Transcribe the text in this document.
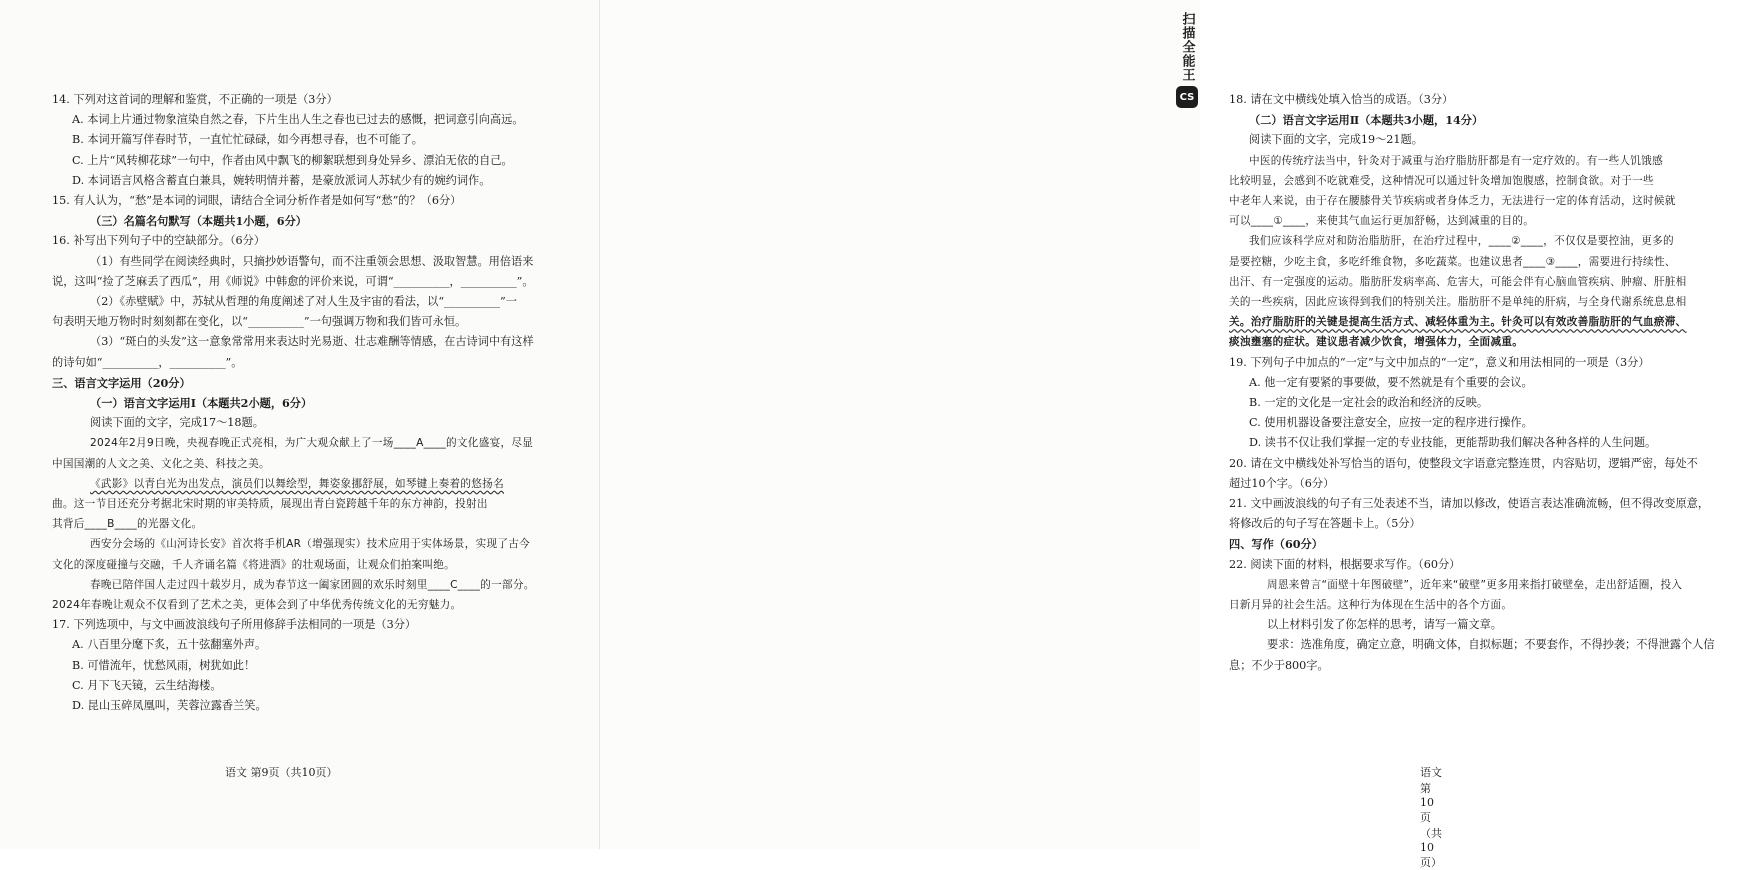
14. 下列对这首词的理解和鉴赏，不正确的一项是（3分）
A. 本词上片通过物象渲染自然之春，下片生出人生之春也已过去的感慨，把词意引向高远。
B. 本词开篇写伴春时节，一直忙忙碌碌，如今再想寻春，也不可能了。
C. 上片“风转柳花球”一句中，作者由风中飘飞的柳絮联想到身处异乡、漂泊无依的自己。
D. 本词语言风格含蓄直白兼具，婉转明情并蓄，是豪放派词人苏轼少有的婉约词作。
15. 有人认为，“愁”是本词的词眼，请结合全词分析作者是如何写“愁”的？（6分）
（三）名篇名句默写（本题共1小题，6分）
16. 补写出下列句子中的空缺部分。（6分）
（1）有些同学在阅读经典时，只摘抄妙语警句，而不注重领会思想、汲取智慧。用倍语来
说，这叫“捡了芝麻丢了西瓜”，用《师说》中韩愈的评价来说，可谓“__________，__________”。
（2）《赤壁赋》中，苏轼从哲理的角度阐述了对人生及宇宙的看法，以“__________”一
句表明天地万物时时刻刻都在变化，以“__________”一句强调万物和我们皆可永恒。
（3）“斑白的头发”这一意象常常用来表达时光易逝、壮志难酬等情感，在古诗词中有这样
的诗句如“__________，__________”。
三、语言文字运用（20分）
（一）语言文字运用Ⅰ（本题共2小题，6分）
阅读下面的文字，完成17～18题。
2024年2月9日晚，央视春晚正式亮相，为广大观众献上了一场____A____的文化盛宴，尽显
中国国潮的人文之美、文化之美、科技之美。
《武影》以青白光为出发点，演员们以舞绘型，舞姿象挪舒展，如琴键上奏着的悠扬名
曲。这一节目还充分考据北宋时期的审美特质，展现出青白瓷跨越千年的东方神韵，投射出
其背后____B____的光器文化。
西安分会场的《山河诗长安》首次将手机AR（增强现实）技术应用于实体场景，实现了古今
文化的深度碰撞与交融，千人齐诵名篇《将进酒》的壮观场面，让观众们拍案叫绝。
春晚已陪伴国人走过四十载岁月，成为春节这一阖家团圆的欢乐时刻里____C____的一部分。
2024年春晚让观众不仅看到了艺术之美，更体会到了中华优秀传统文化的无穷魅力。
17. 下列选项中，与文中画波浪线句子所用修辞手法相同的一项是（3分）
A. 八百里分麾下炙，五十弦翻塞外声。
B. 可惜流年，忧愁风雨，树犹如此！
C. 月下飞天镜，云生结海楼。
D. 昆山玉碎凤凰叫，芙蓉泣露香兰笑。
语文 第9页（共10页）
18. 请在文中横线处填入恰当的成语。（3分）
（二）语言文字运用Ⅱ（本题共3小题，14分）
阅读下面的文字，完成19～21题。
中医的传统疗法当中，针灸对于减重与治疗脂肪肝都是有一定疗效的。有一些人饥饿感
比较明显，会感到不吃就难受，这种情况可以通过针灸增加饱腹感，控制食欲。对于一些
中老年人来说，由于存在腰膝骨关节疾病或者身体乏力，无法进行一定的体育活动，这时候就
可以____①____，来使其气血运行更加舒畅，达到减重的目的。
我们应该科学应对和防治脂肪肝，在治疗过程中，____②____，不仅仅是要控油，更多的
是要控糖，少吃主食，多吃纤维食物，多吃蔬菜。也建议患者____③____，需要进行持续性、
出汗、有一定强度的运动。脂肪肝发病率高、危害大，可能会伴有心脑血管疾病、肿瘤、肝脏相
关的一些疾病，因此应该得到我们的特别关注。脂肪肝不是单纯的肝病，与全身代谢系统息息相
关。治疗脂肪肝的关键是提高生活方式、减轻体重为主。针灸可以有效改善脂肪肝的气血瘀滞、
痰浊壅塞的症状。建议患者减少饮食，增强体力，全面减重。
19. 下列句子中加点的“一定”与文中加点的“一定”，意义和用法相同的一项是（3分）
A. 他一定有要紧的事要做，要不然就是有个重要的会议。
B. 一定的文化是一定社会的政治和经济的反映。
C. 使用机器设备要注意安全，应按一定的程序进行操作。
D. 读书不仅让我们掌握一定的专业技能，更能帮助我们解决各种各样的人生问题。
20. 请在文中横线处补写恰当的语句，使整段文字语意完整连贯，内容贴切，逻辑严密，每处不
超过10个字。（6分）
21. 文中画波浪线的句子有三处表述不当，请加以修改，使语言表达准确流畅，但不得改变原意，
将修改后的句子写在答题卡上。（5分）
四、写作（60分）
22. 阅读下面的材料，根据要求写作。（60分）
周恩来曾言“面壁十年图破壁”，近年来“破壁”更多用来指打破壁垒，走出舒适圈，投入
日新月异的社会生活。这种行为体现在生活中的各个方面。
以上材料引发了你怎样的思考，请写一篇文章。
要求：选准角度，确定立意，明确文体，自拟标题；不要套作，不得抄袭；不得泄露个人信
息；不少于800字。
语文 第10页（共10页）
扫描全能王
CS
